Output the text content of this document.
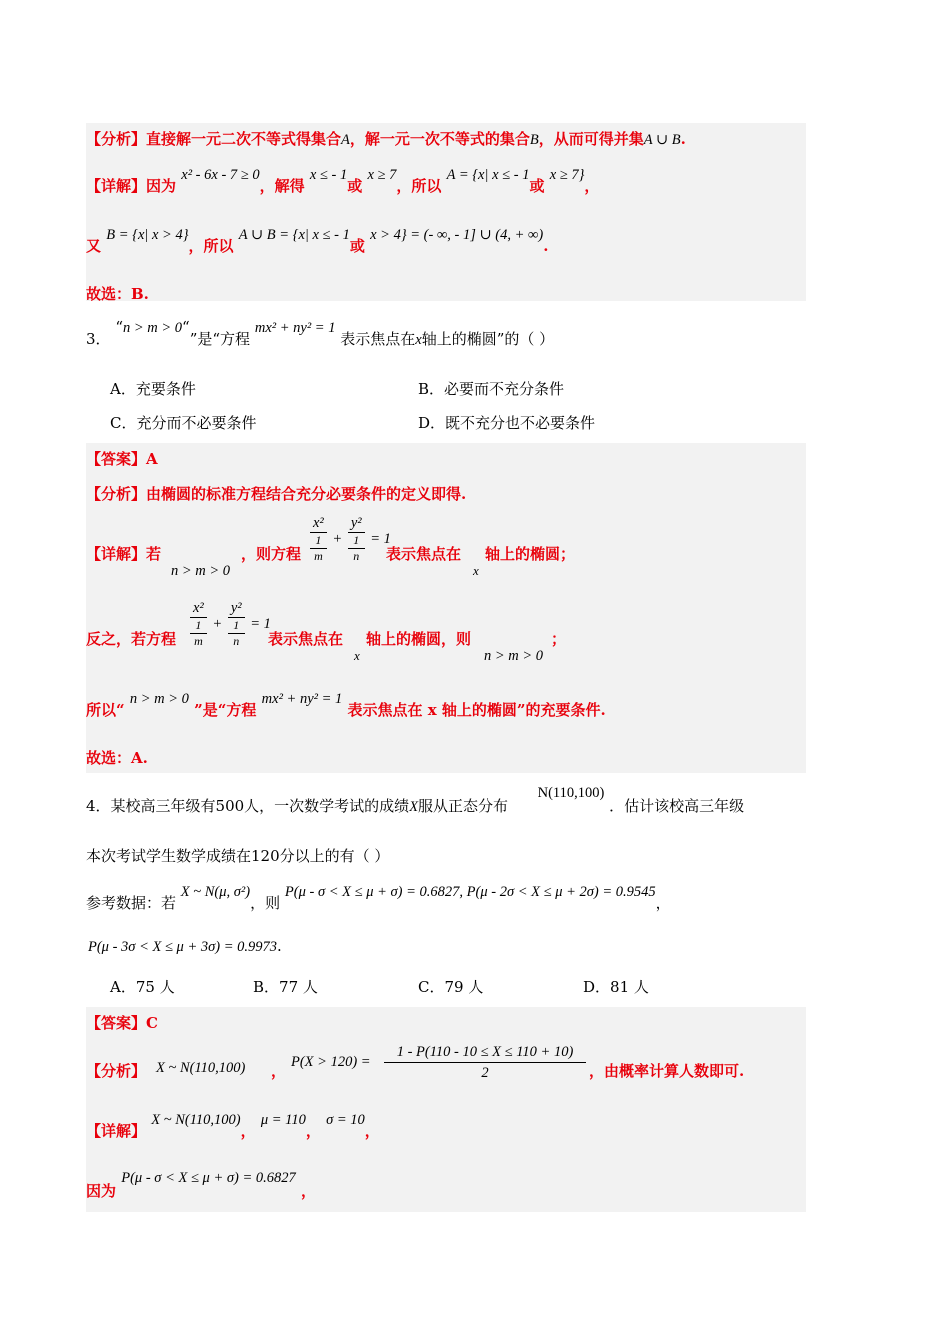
【分析】直接解一元二次不等式得集合A，解一元一次不等式的集合B，从而可得并集A ∪ B.
【详解】因为 x² - 6x - 7 ≥ 0，解得 x ≤ - 1或 x ≥ 7，所以 A = {x| x ≤ - 1或 x ≥ 7}，
又 B = {x| x > 4}，所以 A ∪ B = {x| x ≤ - 1或 x > 4} = (- ∞, - 1] ∪ (4, + ∞).
故选：B.
3． “n > m > 0“”是“方程 mx² + ny² = 1 表示焦点在x轴上的椭圆”的（ ）
A．充要条件	B．必要而不充分条件
C．充分而不必要条件	D．既不充分也不必要条件
【答案】A
【分析】由椭圆的标准方程结合充分必要条件的定义即得.
【详解】若
n > m > 0
，则方程 x²
1
m + y²
1
n = 1
表示焦点在
x
轴上的椭圆；
反之，若方程 x²
1
m + y²
1
n = 1
表示焦点在
x
轴上的椭圆，则
n > m > 0
；
所以“ n > m > 0 ”是“方程 mx² + ny² = 1 表示焦点在 x 轴上的椭圆”的充要条件.
故选：A.
4．某校高三年级有500人，一次数学考试的成绩X服从正态分布  N(110,100) ．估计该校高三年级
本次考试学生数学成绩在120分以上的有（ ）
参考数据：若 X ~ N(μ, σ²)，则 P(μ - σ < X ≤ μ + σ) = 0.6827, P(μ - 2σ < X ≤ μ + 2σ) = 0.9545，
P(μ - 3σ < X ≤ μ + 3σ) = 0.9973.
A．75 人	B．77 人	C．79 人	D．81 人
【答案】C
【分析】 X ~ N(110,100) ， P(X > 120) =
1 - P(110 - 10 ≤ X ≤ 110 + 10)
2	，由概率计算人数即可.
【详解】 X ~ N(110,100)， μ = 110， σ = 10，
因为 P(μ - σ < X ≤ μ + σ) = 0.6827 ，
